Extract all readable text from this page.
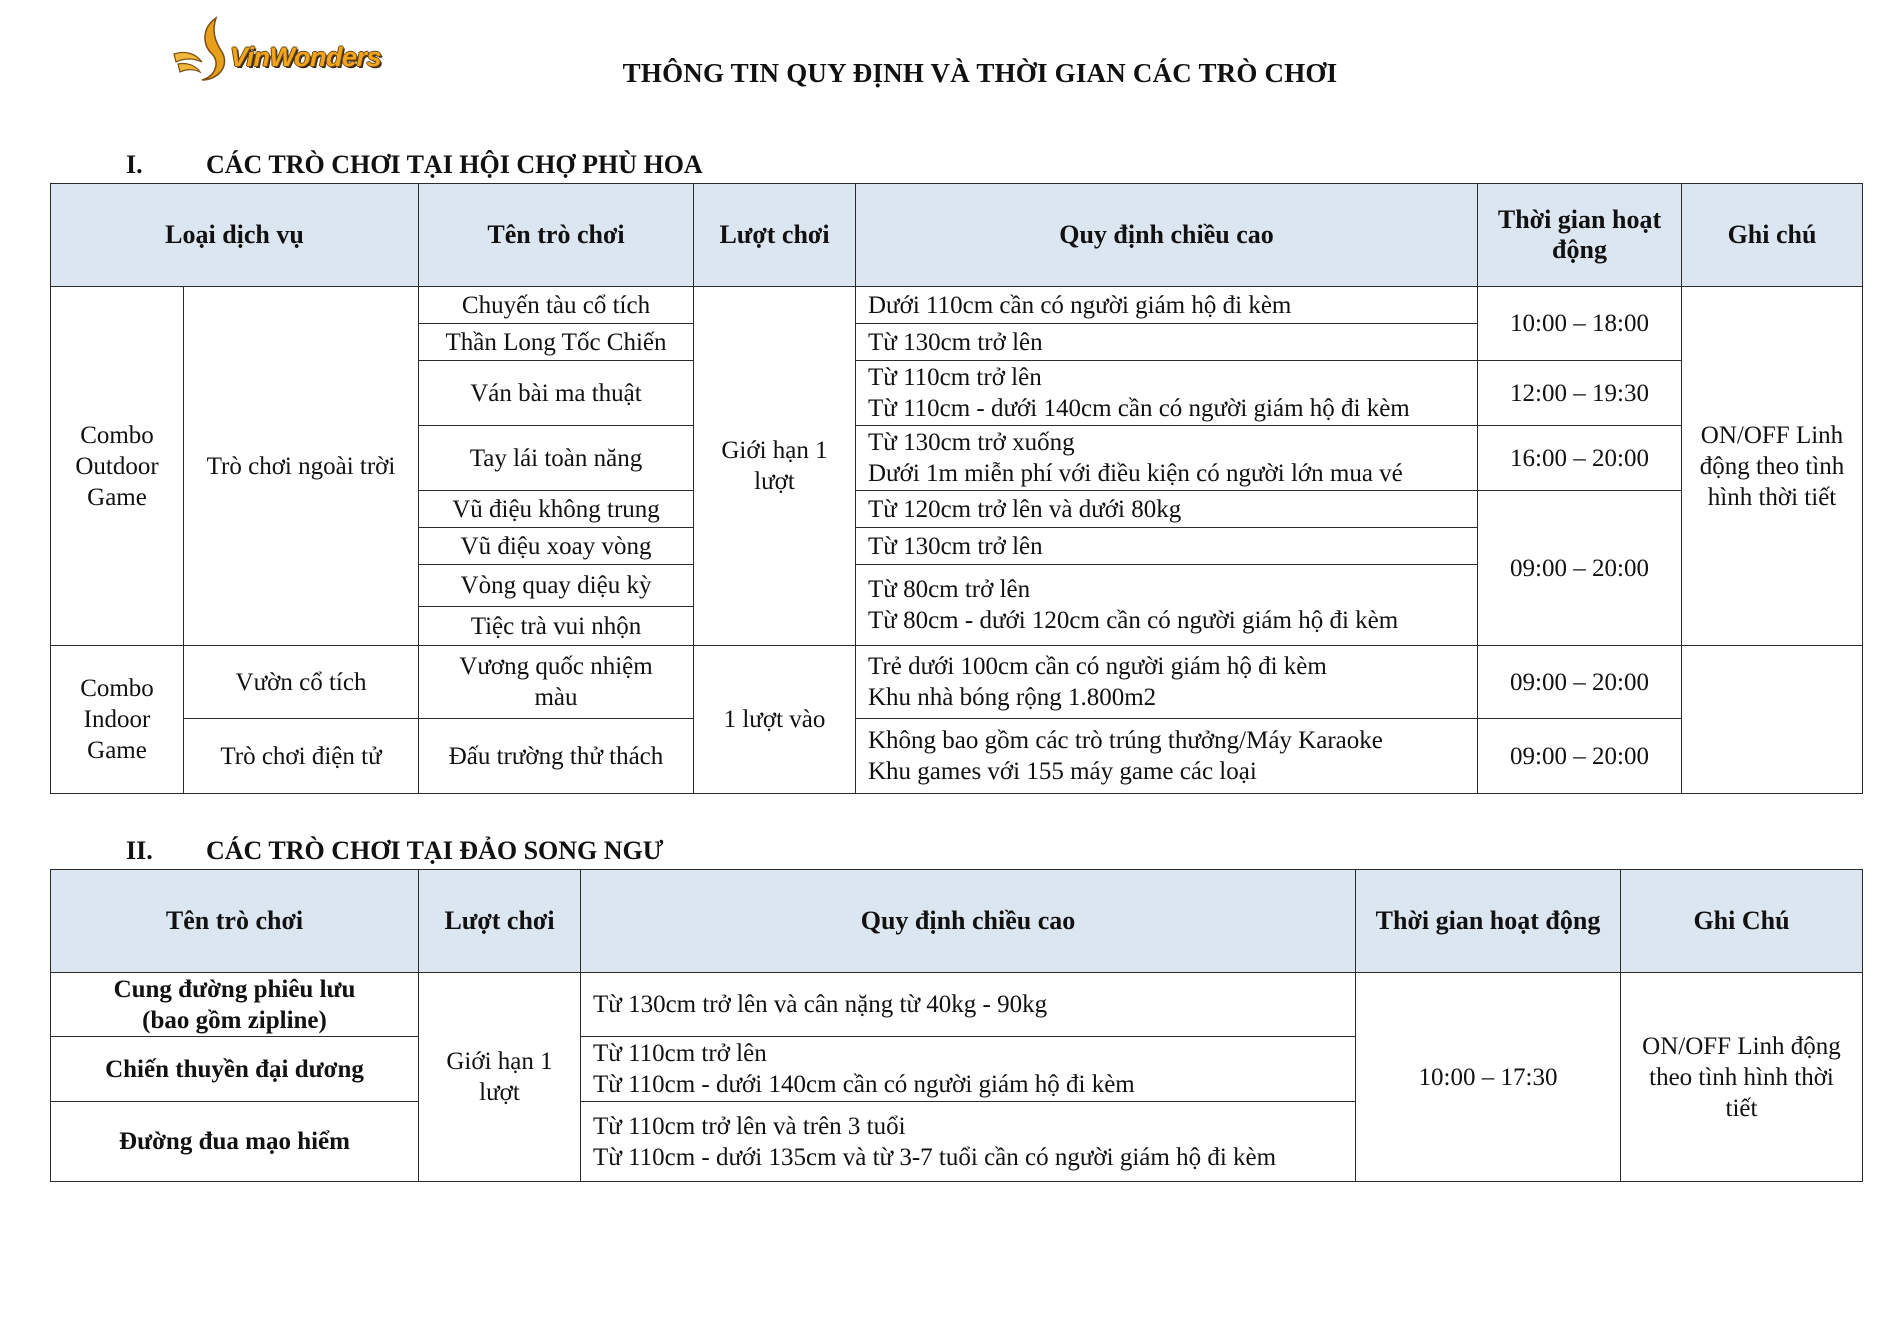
VinWonders
THÔNG TIN QUY ĐỊNH VÀ THỜI GIAN CÁC TRÒ CHƠI
I. CÁC TRÒ CHƠI TẠI HỘI CHỢ PHÙ HOA
Loại dịch vụ		Tên trò chơi	Lượt chơi	Quy định chiều cao	Thời gian hoạt
động	Ghi chú
Combo
Outdoor
Game	Trò chơi ngoài trời	Chuyến tàu cổ tích	Giới hạn 1
lượt	Dưới 110cm cần có người giám hộ đi kèm	10:00 – 18:00	ON/OFF Linh
động theo tình
hình thời tiết
		Thần Long Tốc Chiến		Từ 130cm trở lên		
		Ván bài ma thuật		Từ 110cm trở lên
Từ 110cm - dưới 140cm cần có người giám hộ đi kèm	12:00 – 19:30	
		Tay lái toàn năng		Từ 130cm trở xuống
Dưới 1m miễn phí với điều kiện có người lớn mua vé	16:00 – 20:00	
		Vũ điệu không trung		Từ 120cm trở lên và dưới 80kg	09:00 – 20:00	
		Vũ điệu xoay vòng		Từ 130cm trở lên		
		Vòng quay diệu kỳ		Từ 80cm trở lên
Từ 80cm - dưới 120cm cần có người giám hộ đi kèm		
		Tiệc trà vui nhộn				
Combo
Indoor
Game	Vườn cổ tích	Vương quốc nhiệm
màu	1 lượt vào	Trẻ dưới 100cm cần có người giám hộ đi kèm
Khu nhà bóng rộng 1.800m2	09:00 – 20:00	
	Trò chơi điện tử	Đấu trường thử thách		Không bao gồm các trò trúng thưởng/Máy Karaoke
Khu games với 155 máy game các loại	09:00 – 20:00	
II. CÁC TRÒ CHƠI TẠI ĐẢO SONG NGƯ
Tên trò chơi	Lượt chơi	Quy định chiều cao	Thời gian hoạt động	Ghi Chú
Cung đường phiêu lưu
(bao gồm zipline)	Giới hạn 1
lượt	Từ 130cm trở lên và cân nặng từ 40kg - 90kg	10:00 – 17:30	ON/OFF Linh động
theo tình hình thời
tiết
Chiến thuyền đại dương		Từ 110cm trở lên
Từ 110cm - dưới 140cm cần có người giám hộ đi kèm		
Đường đua mạo hiểm		Từ 110cm trở lên và trên 3 tuổi
Từ 110cm - dưới 135cm và từ 3-7 tuổi cần có người giám hộ đi kèm		
